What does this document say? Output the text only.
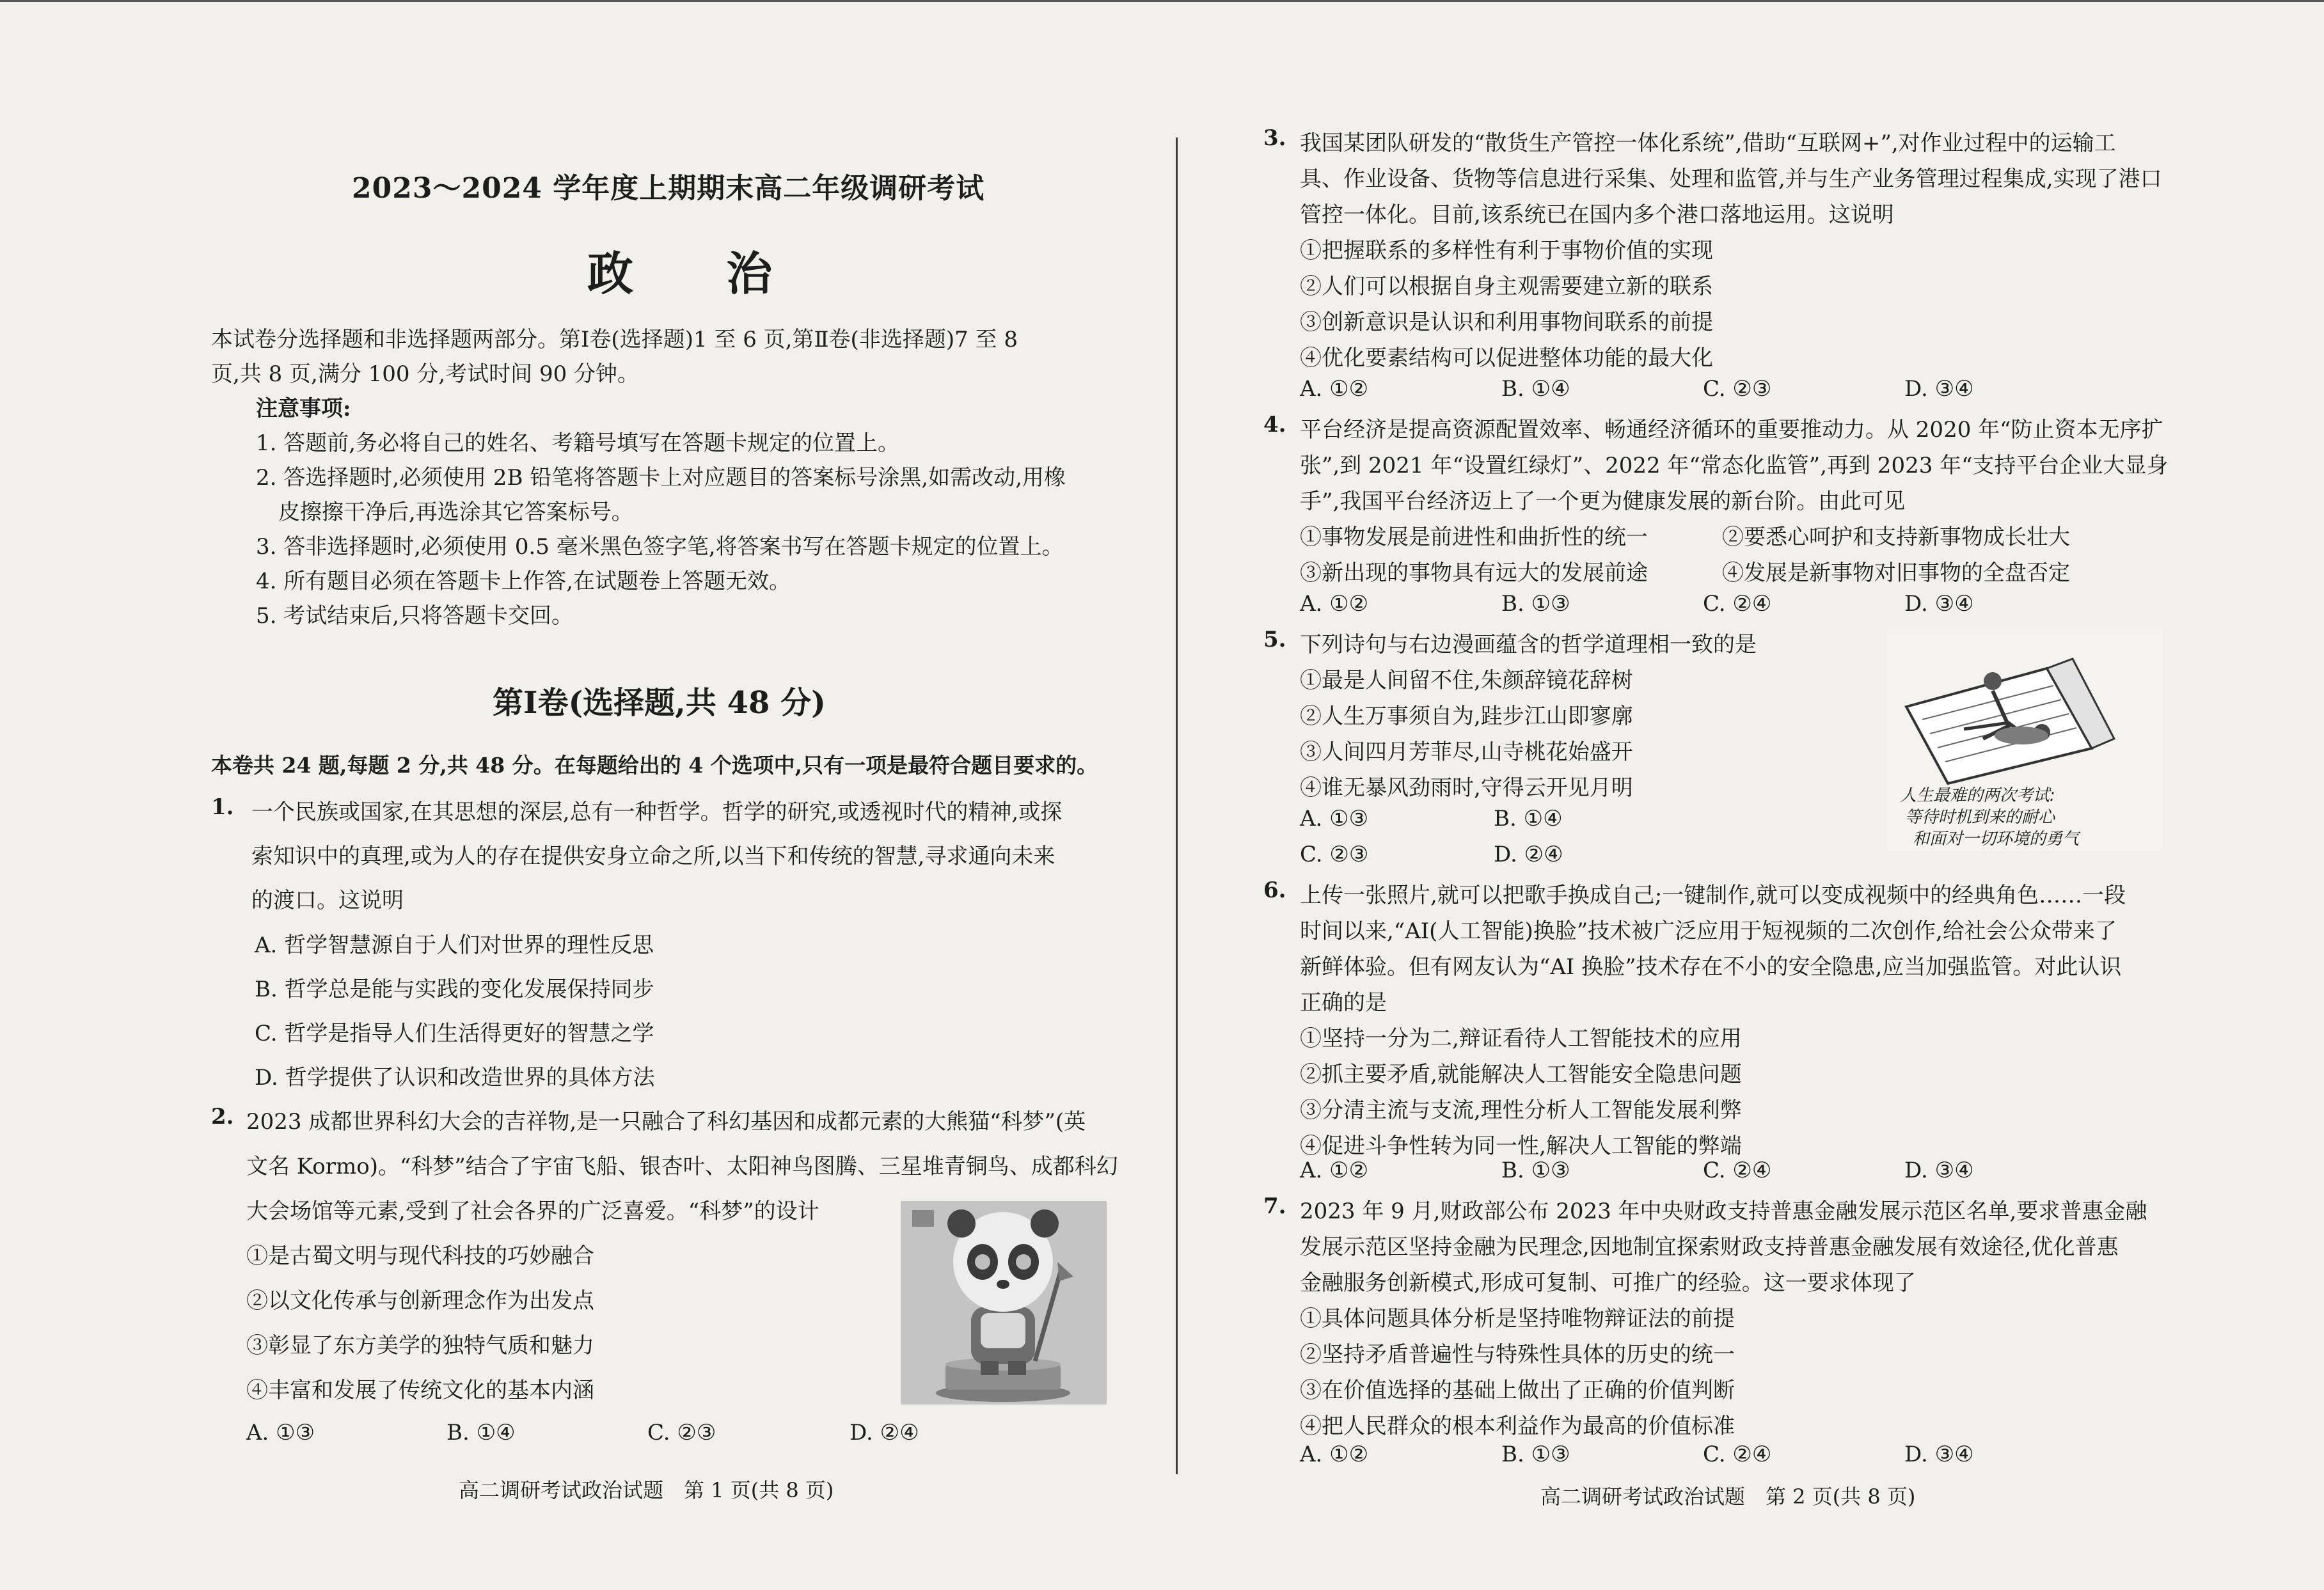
2023～2024 学年度上期期末高二年级调研考试
政 治
本试卷分选择题和非选择题两部分。第Ⅰ卷(选择题)1 至 6 页,第Ⅱ卷(非选择题)7 至 8
页,共 8 页,满分 100 分,考试时间 90 分钟。
注意事项:
1. 答题前,务必将自己的姓名、考籍号填写在答题卡规定的位置上。
2. 答选择题时,必须使用 2B 铅笔将答题卡上对应题目的答案标号涂黑,如需改动,用橡
皮擦擦干净后,再选涂其它答案标号。
3. 答非选择题时,必须使用 0.5 毫米黑色签字笔,将答案书写在答题卡规定的位置上。
4. 所有题目必须在答题卡上作答,在试题卷上答题无效。
5. 考试结束后,只将答题卡交回。
第Ⅰ卷(选择题,共 48 分)
本卷共 24 题,每题 2 分,共 48 分。在每题给出的 4 个选项中,只有一项是最符合题目要求的。
1. 一个民族或国家,在其思想的深层,总有一种哲学。哲学的研究,或透视时代的精神,或探
索知识中的真理,或为人的存在提供安身立命之所,以当下和传统的智慧,寻求通向未来
的渡口。这说明
A. 哲学智慧源自于人们对世界的理性反思
B. 哲学总是能与实践的变化发展保持同步
C. 哲学是指导人们生活得更好的智慧之学
D. 哲学提供了认识和改造世界的具体方法
2. 2023 成都世界科幻大会的吉祥物,是一只融合了科幻基因和成都元素的大熊猫“科梦”(英
文名 Kormo)。“科梦”结合了宇宙飞船、银杏叶、太阳神鸟图腾、三星堆青铜鸟、成都科幻
大会场馆等元素,受到了社会各界的广泛喜爱。“科梦”的设计
①是古蜀文明与现代科技的巧妙融合
②以文化传承与创新理念作为出发点
③彰显了东方美学的独特气质和魅力
④丰富和发展了传统文化的基本内涵
A. ①③	B. ①④	C. ②③	D. ②④
高二调研考试政治试题　第 1 页(共 8 页)
3. 我国某团队研发的“散货生产管控一体化系统”,借助“互联网+”,对作业过程中的运输工
具、作业设备、货物等信息进行采集、处理和监管,并与生产业务管理过程集成,实现了港口
管控一体化。目前,该系统已在国内多个港口落地运用。这说明
①把握联系的多样性有利于事物价值的实现
②人们可以根据自身主观需要建立新的联系
③创新意识是认识和利用事物间联系的前提
④优化要素结构可以促进整体功能的最大化
A. ①②	B. ①④	C. ②③	D. ③④
4. 平台经济是提高资源配置效率、畅通经济循环的重要推动力。从 2020 年“防止资本无序扩
张”,到 2021 年“设置红绿灯”、2022 年“常态化监管”,再到 2023 年“支持平台企业大显身
手”,我国平台经济迈上了一个更为健康发展的新台阶。由此可见
①事物发展是前进性和曲折性的统一	②要悉心呵护和支持新事物成长壮大
③新出现的事物具有远大的发展前途	④发展是新事物对旧事物的全盘否定
A. ①②	B. ①③	C. ②④	D. ③④
5. 下列诗句与右边漫画蕴含的哲学道理相一致的是
①最是人间留不住,朱颜辞镜花辞树
②人生万事须自为,跬步江山即寥廓
③人间四月芳菲尽,山寺桃花始盛开
④谁无暴风劲雨时,守得云开见月明
A. ①③	B. ①④
C. ②③	D. ②④
6. 上传一张照片,就可以把歌手换成自己;一键制作,就可以变成视频中的经典角色……一段
时间以来,“AI(人工智能)换脸”技术被广泛应用于短视频的二次创作,给社会公众带来了
新鲜体验。但有网友认为“AI 换脸”技术存在不小的安全隐患,应当加强监管。对此认识
正确的是
①坚持一分为二,辩证看待人工智能技术的应用
②抓主要矛盾,就能解决人工智能安全隐患问题
③分清主流与支流,理性分析人工智能发展利弊
④促进斗争性转为同一性,解决人工智能的弊端
A. ①②	B. ①③	C. ②④	D. ③④
7. 2023 年 9 月,财政部公布 2023 年中央财政支持普惠金融发展示范区名单,要求普惠金融
发展示范区坚持金融为民理念,因地制宜探索财政支持普惠金融发展有效途径,优化普惠
金融服务创新模式,形成可复制、可推广的经验。这一要求体现了
①具体问题具体分析是坚持唯物辩证法的前提
②坚持矛盾普遍性与特殊性具体的历史的统一
③在价值选择的基础上做出了正确的价值判断
④把人民群众的根本利益作为最高的价值标准
A. ①②	B. ①③	C. ②④	D. ③④
高二调研考试政治试题　第 2 页(共 8 页)
人生最难的两次考试:
等待时机到来的耐心
和面对一切环境的勇气
